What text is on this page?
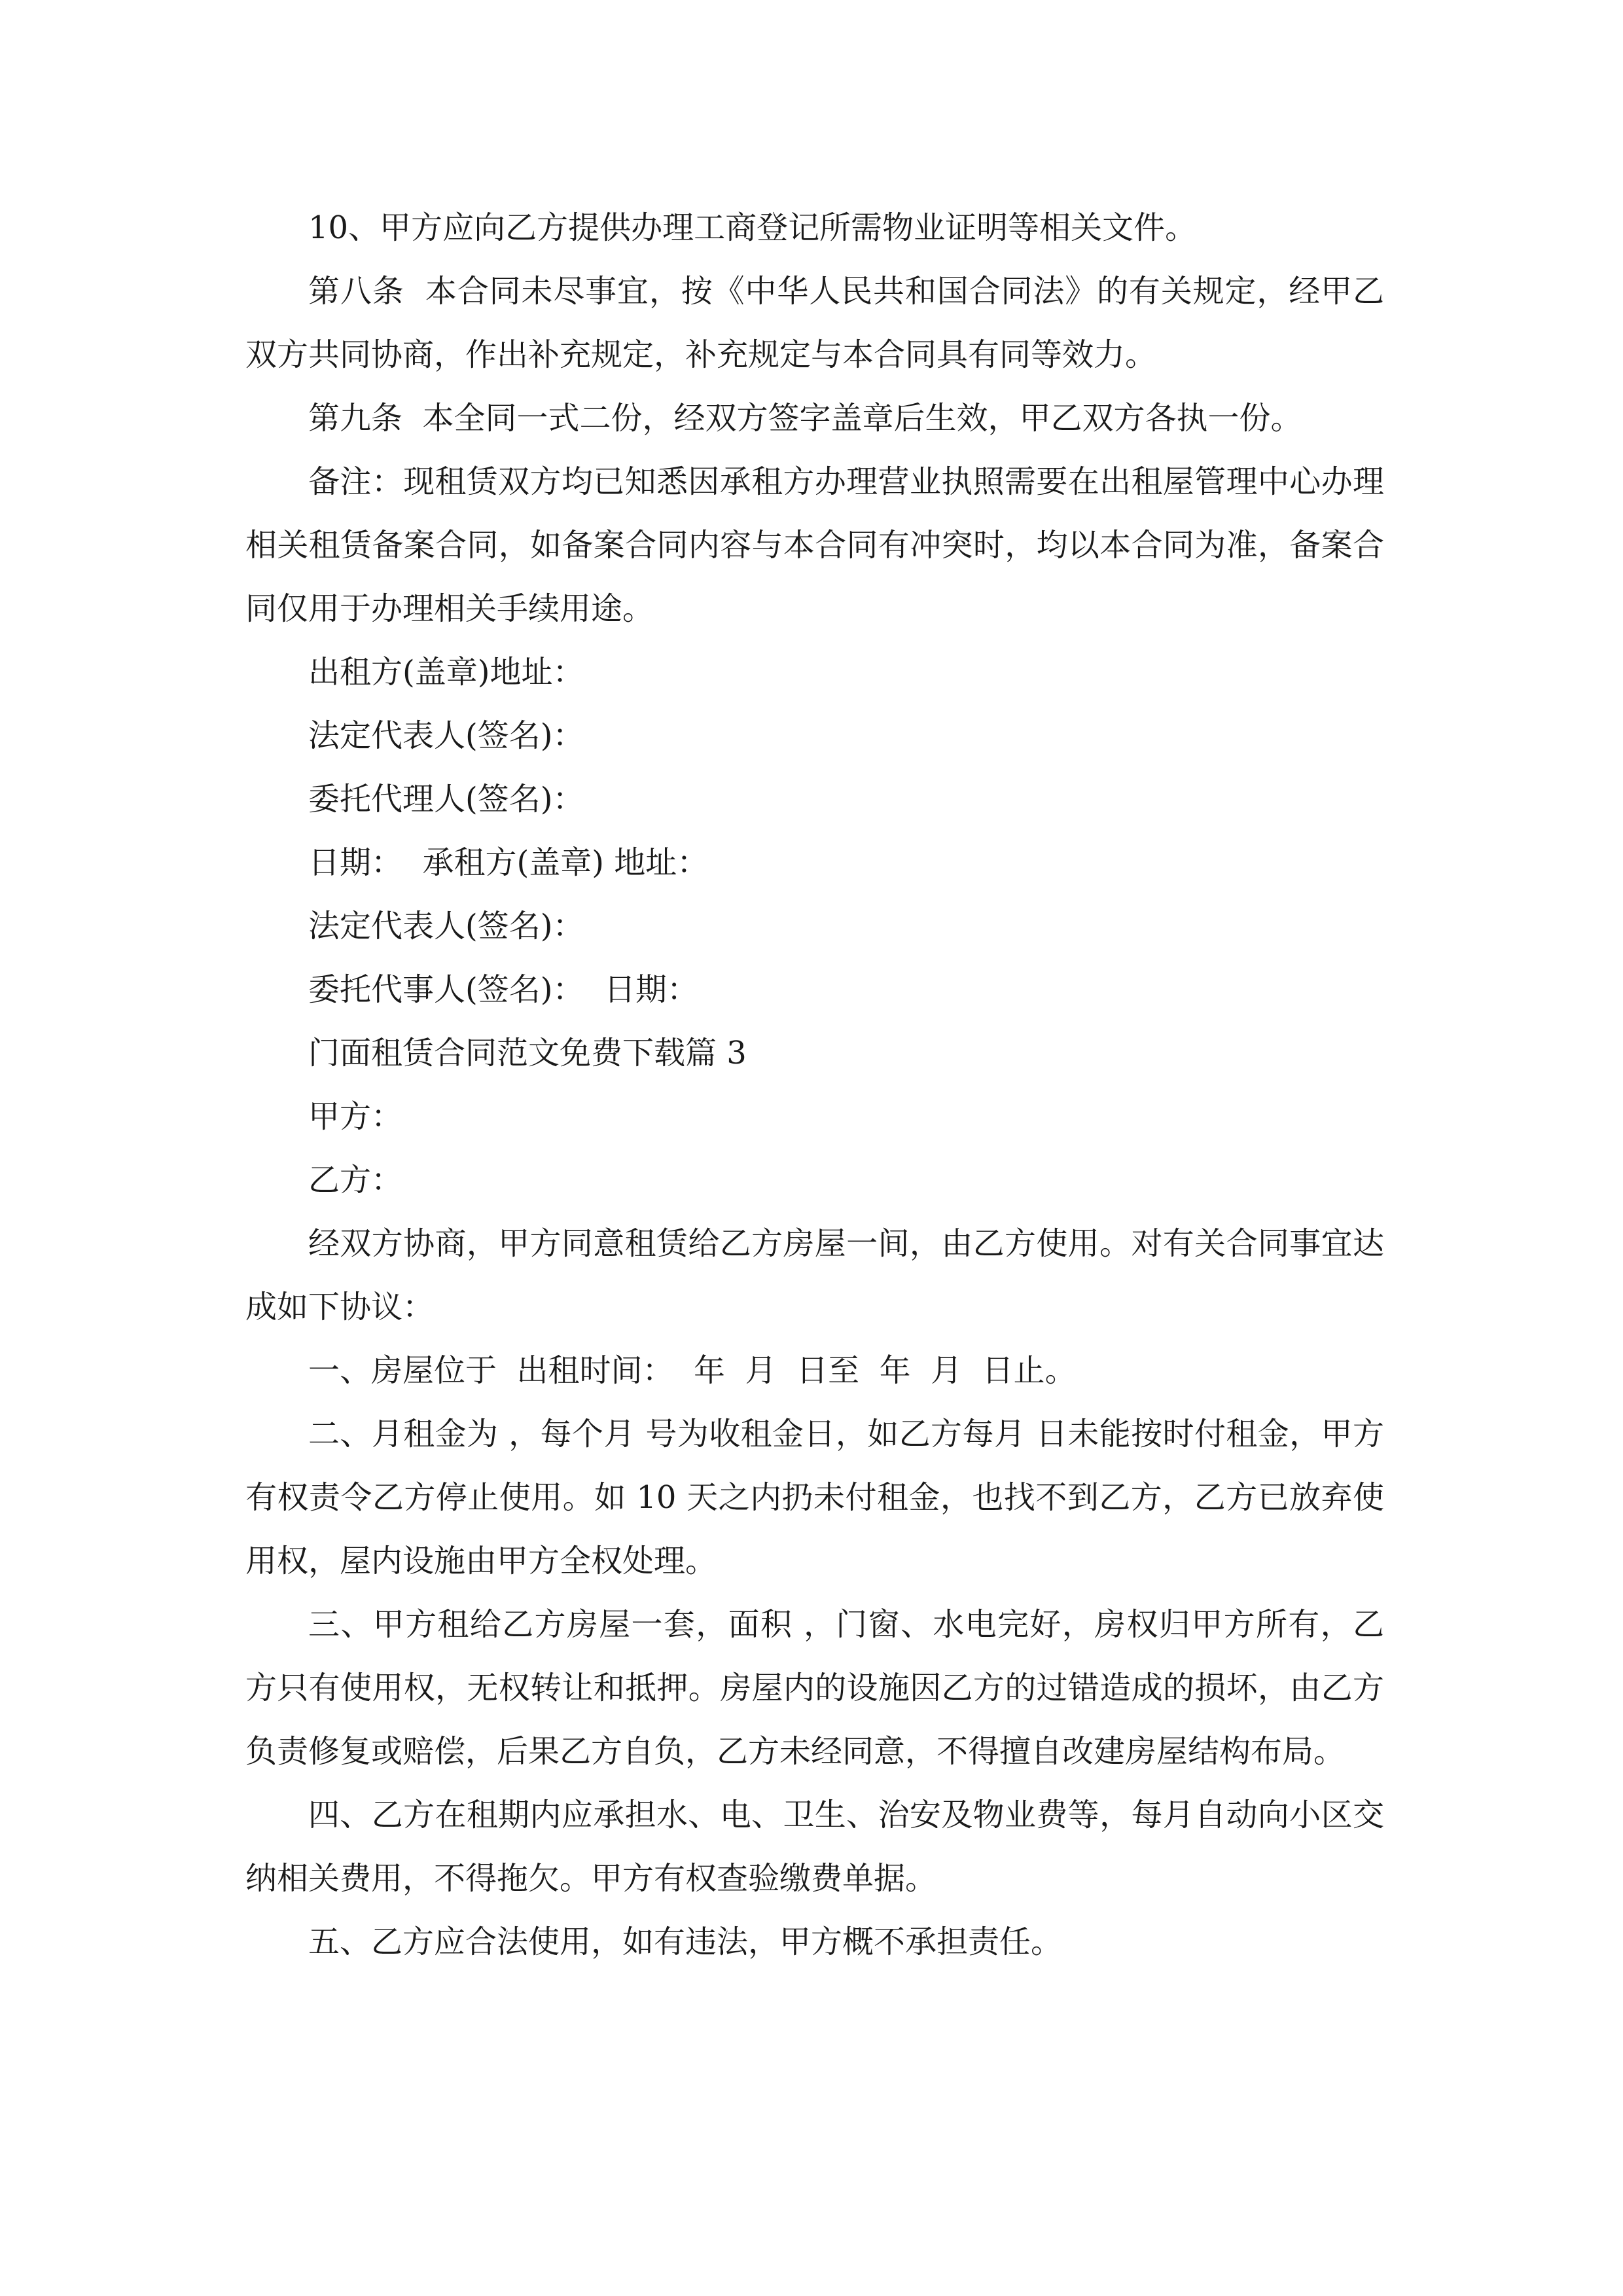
10、甲方应向乙方提供办理工商登记所需物业证明等相关文件。

第八条  本合同未尽事宜，按《中华人民共和国合同法》的有关规定，经甲乙双方共同协商，作出补充规定，补充规定与本合同具有同等效力。

第九条  本全同一式二份，经双方签字盖章后生效，甲乙双方各执一份。

备注：现租赁双方均已知悉因承租方办理营业执照需要在出租屋管理中心办理相关租赁备案合同，如备案合同内容与本合同有冲突时，均以本合同为准，备案合同仅用于办理相关手续用途。

出租方(盖章)地址：

法定代表人(签名)：

委托代理人(签名)：

日期：  承租方(盖章) 地址：

法定代表人(签名)：

委托代事人(签名)：  日期：

门面租赁合同范文免费下载篇 3

甲方：

乙方：

经双方协商，甲方同意租赁给乙方房屋一间，由乙方使用。对有关合同事宜达成如下协议：

一、房屋位于  出租时间：  年  月  日至  年  月  日止。

二、月租金为 ，每个月 号为收租金日，如乙方每月 日未能按时付租金，甲方有权责令乙方停止使用。如 10 天之内扔未付租金，也找不到乙方，乙方已放弃使用权，屋内设施由甲方全权处理。

三、甲方租给乙方房屋一套，面积 ，门窗、水电完好，房权归甲方所有，乙方只有使用权，无权转让和抵押。房屋内的设施因乙方的过错造成的损坏，由乙方负责修复或赔偿，后果乙方自负，乙方未经同意，不得擅自改建房屋结构布局。

四、乙方在租期内应承担水、电、卫生、治安及物业费等，每月自动向小区交纳相关费用，不得拖欠。甲方有权查验缴费单据。

五、乙方应合法使用，如有违法，甲方概不承担责任。
